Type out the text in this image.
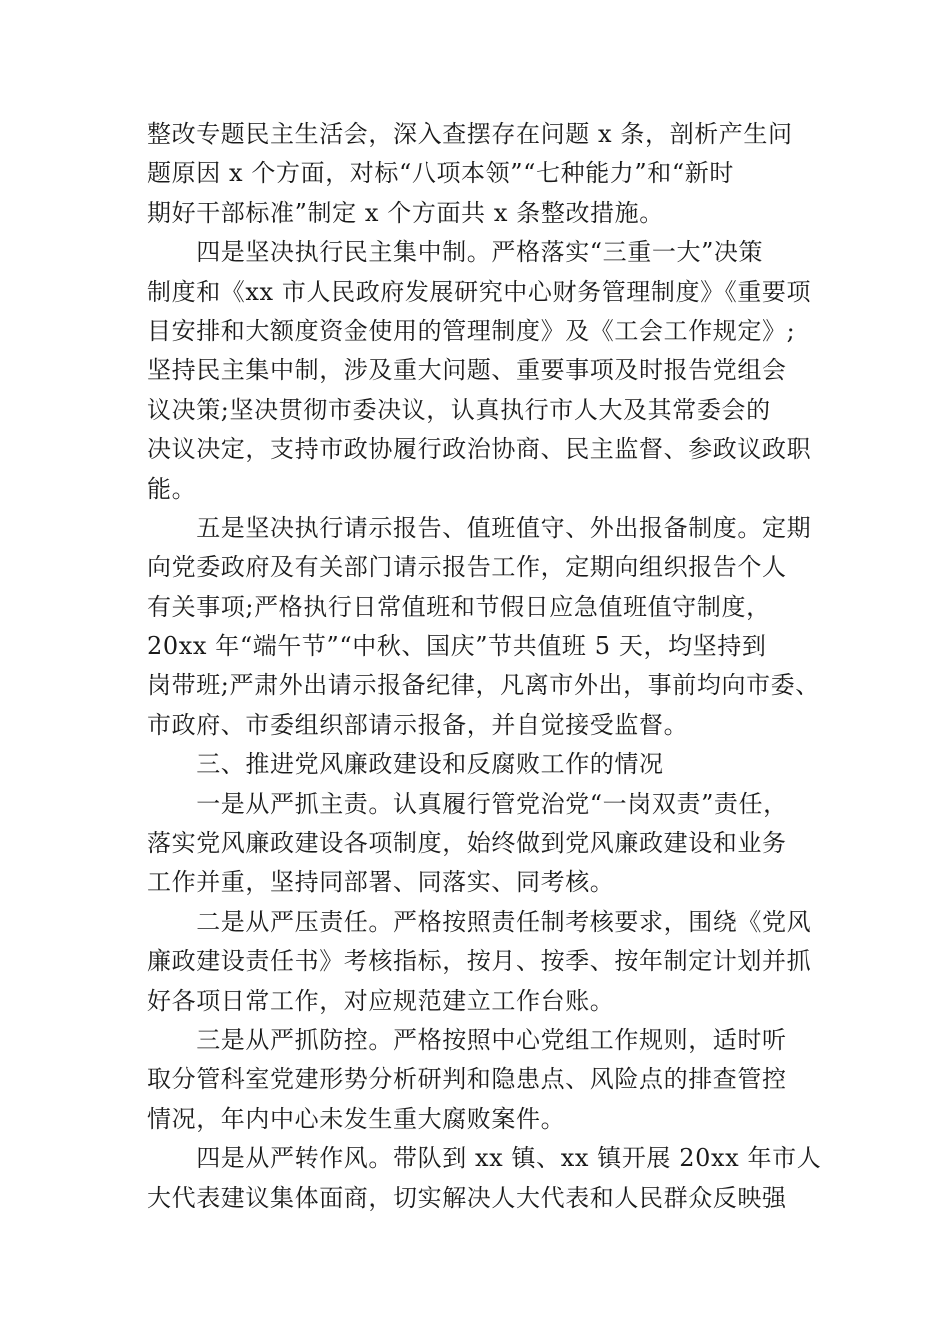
整改专题民主生活会，深入查摆存在问题 x 条，剖析产生问
题原因 x 个方面，对标“八项本领”“七种能力”和“新时
期好干部标准”制定 x 个方面共 x 条整改措施。
　　四是坚决执行民主集中制。严格落实“三重一大”决策
制度和《xx 市人民政府发展研究中心财务管理制度》《重要项
目安排和大额度资金使用的管理制度》及《工会工作规定》;
坚持民主集中制，涉及重大问题、重要事项及时报告党组会
议决策;坚决贯彻市委决议，认真执行市人大及其常委会的
决议决定，支持市政协履行政治协商、民主监督、参政议政职
能。
　　五是坚决执行请示报告、值班值守、外出报备制度。定期
向党委政府及有关部门请示报告工作，定期向组织报告个人
有关事项;严格执行日常值班和节假日应急值班值守制度，
20xx 年“端午节”“中秋、国庆”节共值班 5 天，均坚持到
岗带班;严肃外出请示报备纪律，凡离市外出，事前均向市委、
市政府、市委组织部请示报备，并自觉接受监督。
　　三、推进党风廉政建设和反腐败工作的情况
　　一是从严抓主责。认真履行管党治党“一岗双责”责任，
落实党风廉政建设各项制度，始终做到党风廉政建设和业务
工作并重，坚持同部署、同落实、同考核。
　　二是从严压责任。严格按照责任制考核要求，围绕《党风
廉政建设责任书》考核指标，按月、按季、按年制定计划并抓
好各项日常工作，对应规范建立工作台账。
　　三是从严抓防控。严格按照中心党组工作规则，适时听
取分管科室党建形势分析研判和隐患点、风险点的排查管控
情况，年内中心未发生重大腐败案件。
　　四是从严转作风。带队到 xx 镇、xx 镇开展 20xx 年市人
大代表建议集体面商，切实解决人大代表和人民群众反映强
